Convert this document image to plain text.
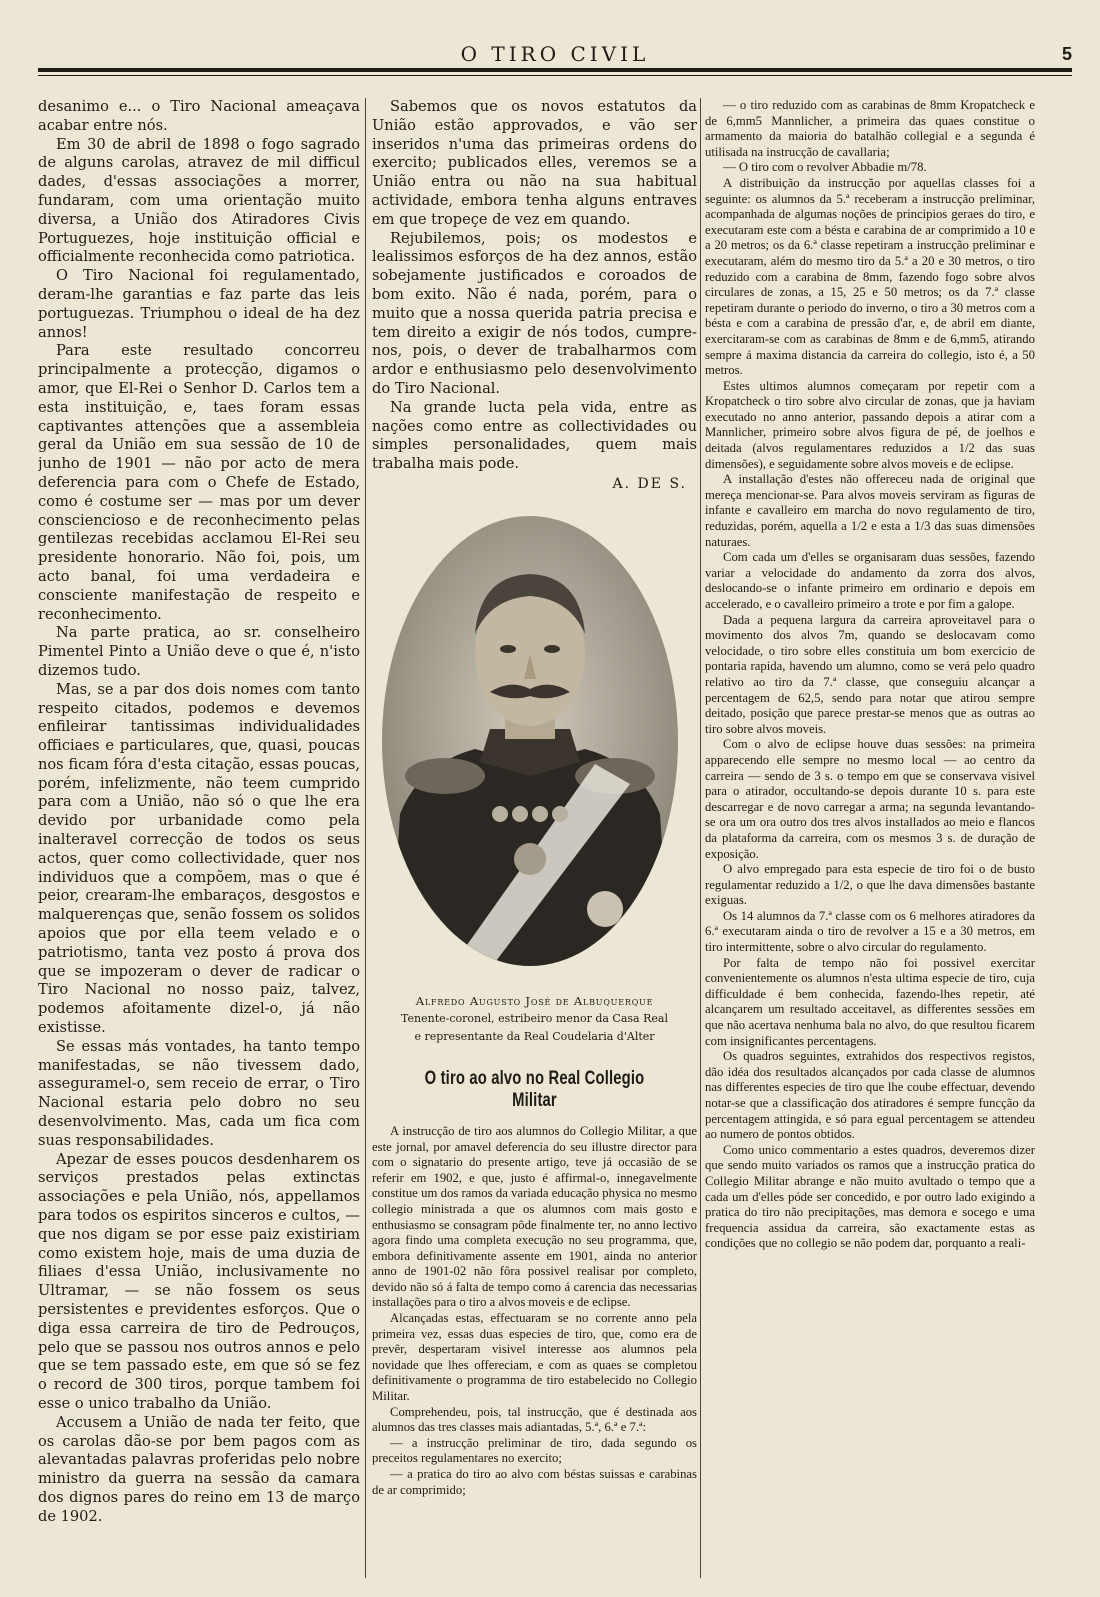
O TIRO CIVIL	5

desanimo e... o Tiro Nacional ameaçava acabar entre nós.

Em 30 de abril de 1898 o fogo sagrado de alguns carolas, atravez de mil difficul dades, d'essas associações a morrer, fundaram, com uma orientação muito diversa, a União dos Atiradores Civis Portuguezes, hoje instituição official e officialmente reconhecida como patriotica.

O Tiro Nacional foi regulamentado, deram-lhe garantias e faz parte das leis portuguezas. Triumphou o ideal de ha dez annos!

Para este resultado concorreu principalmente a protecção, digamos o amor, que El-Rei o Senhor D. Carlos tem a esta instituição, e, taes foram essas captivantes attenções que a assembleia geral da União em sua sessão de 10 de junho de 1901 — não por acto de mera deferencia para com o Chefe de Estado, como é costume ser — mas por um dever consciencioso e de reconhecimento pelas gentilezas recebidas acclamou El-Rei seu presidente honorario. Não foi, pois, um acto banal, foi uma verdadeira e consciente manifestação de respeito e reconhecimento.

Na parte pratica, ao sr. conselheiro Pimentel Pinto a União deve o que é, n'isto dizemos tudo.

Mas, se a par dos dois nomes com tanto respeito citados, podemos e devemos enfileirar tantissimas individualidades officiaes e particulares, que, quasi, poucas nos ficam fóra d'esta citação, essas poucas, porém, infelizmente, não teem cumprido para com a União, não só o que lhe era devido por urbanidade como pela inalteravel correcção de todos os seus actos, quer como collectividade, quer nos individuos que a compõem, mas o que é peior, crearam-lhe embaraços, desgostos e malquerenças que, senão fossem os solidos apoios que por ella teem velado e o patriotismo, tanta vez posto á prova dos que se impozeram o dever de radicar o Tiro Nacional no nosso paiz, talvez, podemos afoitamente dizel-o, já não existisse.

Se essas más vontades, ha tanto tempo manifestadas, se não tivessem dado, asseguramel-o, sem receio de errar, o Tiro Nacional estaria pelo dobro no seu desenvolvimento. Mas, cada um fica com suas responsabilidades.

Apezar de esses poucos desdenharem os serviços prestados pelas extinctas associações e pela União, nós, appellamos para todos os espiritos sinceros e cultos, — que nos digam se por esse paiz existiriam como existem hoje, mais de uma duzia de filiaes d'essa União, inclusivamente no Ultramar, — se não fossem os seus persistentes e previdentes esforços. Que o diga essa carreira de tiro de Pedrouços, pelo que se passou nos outros annos e pelo que se tem passado este, em que só se fez o record de 300 tiros, porque tambem foi esse o unico trabalho da União.

Accusem a União de nada ter feito, que os carolas dão-se por bem pagos com as alevantadas palavras proferidas pelo nobre ministro da guerra na sessão da camara dos dignos pares do reino em 13 de março de 1902.

Sabemos que os novos estatutos da União estão approvados, e vão ser inseridos n'uma das primeiras ordens do exercito; publicados elles, veremos se a União entra ou não na sua habitual actividade, embora tenha alguns entraves em que tropeçe de vez em quando.

Rejubilemos, pois; os modestos e lealissimos esforços de ha dez annos, estão sobejamente justificados e coroados de bom exito. Não é nada, porém, para o muito que a nossa querida patria precisa e tem direito a exigir de nós todos, cumpre-nos, pois, o dever de trabalharmos com ardor e enthusiasmo pelo desenvolvimento do Tiro Nacional.

Na grande lucta pela vida, entre as nações como entre as collectividades ou simples personalidades, quem mais trabalha mais pode.

A. DE S.
Alfredo Augusto José de Albuquerque
Tenente-coronel, estribeiro menor da Casa Real
e representante da Real Coudelaria d'Alter
O tiro ao alvo no Real Collegio Militar

A instrucção de tiro aos alumnos do Collegio Militar, a que este jornal, por amavel deferencia do seu illustre director para com o signatario do presente artigo, teve já occasião de se referir em 1902, e que, justo é affirmal-o, innegavelmente constitue um dos ramos da variada educação physica no mesmo collegio ministrada a que os alumnos com mais gosto e enthusiasmo se consagram pôde finalmente ter, no anno lectivo agora findo uma completa execução no seu programma, que, embora definitivamente assente em 1901, ainda no anterior anno de 1901-02 não fôra possivel realisar por completo, devido não só á falta de tempo como á carencia das necessarias installações para o tiro a alvos moveis e de eclipse.

Alcançadas estas, effectuaram se no corrente anno pela primeira vez, essas duas especies de tiro, que, como era de prevêr, despertaram visivel interesse aos alumnos pela novidade que lhes offereciam, e com as quaes se completou definitivamente o programma de tiro estabelecido no Collegio Militar.

Comprehendeu, pois, tal instrucção, que é destinada aos alumnos das tres classes mais adiantadas, 5.ª, 6.ª e 7.ª:

— a instrucção preliminar de tiro, dada segundo os preceitos regulamentares no exercito;

— a pratica do tiro ao alvo com béstas suissas e carabinas de ar comprimido;

— o tiro reduzido com as carabinas de 8mm Kropatcheck e de 6,mm5 Mannlicher, a primeira das quaes constitue o armamento da maioria do batalhão collegial e a segunda é utilisada na instrucção de cavallaria;

— O tiro com o revolver Abbadie m/78.

A distribuição da instrucção por aquellas classes foi a seguinte: os alumnos da 5.ª receberam a instrucção preliminar, acompanhada de algumas noções de principios geraes do tiro, e executaram este com a bésta e carabina de ar comprimido a 10 e a 20 metros; os da 6.ª classe repetiram a instrucção preliminar e executaram, além do mesmo tiro da 5.ª a 20 e 30 metros, o tiro reduzido com a carabina de 8mm, fazendo fogo sobre alvos circulares de zonas, a 15, 25 e 50 metros; os da 7.ª classe repetiram durante o periodo do inverno, o tiro a 30 metros com a bésta e com a carabina de pressão d'ar, e, de abril em diante, exercitaram-se com as carabinas de 8mm e de 6,mm5, atirando sempre á maxima distancia da carreira do collegio, isto é, a 50 metros.

Estes ultimos alumnos começaram por repetir com a Kropatcheck o tiro sobre alvo circular de zonas, que ja haviam executado no anno anterior, passando depois a atirar com a Mannlicher, primeiro sobre alvos figura de pé, de joelhos e deitada (alvos regulamentares reduzidos a 1/2 das suas dimensões), e seguidamente sobre alvos moveis e de eclipse.

A installação d'estes não offereceu nada de original que mereça mencionar-se. Para alvos moveis serviram as figuras de infante e cavalleiro em marcha do novo regulamento de tiro, reduzidas, porém, aquella a 1/2 e esta a 1/3 das suas dimensões naturaes.

Com cada um d'elles se organisaram duas sessões, fazendo variar a velocidade do andamento da zorra dos alvos, deslocando-se o infante primeiro em ordinario e depois em accelerado, e o cavalleiro primeiro a trote e por fim a galope.

Dada a pequena largura da carreira aproveitavel para o movimento dos alvos 7m, quando se deslocavam como velocidade, o tiro sobre elles constituia um bom exercicio de pontaria rapida, havendo um alumno, como se verá pelo quadro relativo ao tiro da 7.ª classe, que conseguiu alcançar a percentagem de 62,5, sendo para notar que atirou sempre deitado, posição que parece prestar-se menos que as outras ao tiro sobre alvos moveis.

Com o alvo de eclipse houve duas sessões: na primeira apparecendo elle sempre no mesmo local — ao centro da carreira — sendo de 3 s. o tempo em que se conservava visivel para o atirador, occultando-se depois durante 10 s. para este descarregar e de novo carregar a arma; na segunda levantando-se ora um ora outro dos tres alvos installados ao meio e flancos da plataforma da carreira, com os mesmos 3 s. de duração de exposição.

O alvo empregado para esta especie de tiro foi o de busto regulamentar reduzido a 1/2, o que lhe dava dimensões bastante exiguas.

Os 14 alumnos da 7.ª classe com os 6 melhores atiradores da 6.ª executaram ainda o tiro de revolver a 15 e a 30 metros, em tiro intermittente, sobre o alvo circular do regulamento.

Por falta de tempo não foi possivel exercitar convenientemente os alumnos n'esta ultima especie de tiro, cuja difficuldade é bem conhecida, fazendo-lhes repetir, até alcançarem um resultado acceitavel, as differentes sessões em que não acertava nenhuma bala no alvo, do que resultou ficarem com insignificantes percentagens.

Os quadros seguintes, extrahidos dos respectivos registos, dão idéa dos resultados alcançados por cada classe de alumnos nas differentes especies de tiro que lhe coube effectuar, devendo notar-se que a classificação dos atiradores é sempre funcção da percentagem attingida, e só para egual percentagem se attendeu ao numero de pontos obtidos.

Como unico commentario a estes quadros, deveremos dizer que sendo muito variados os ramos que a instrucção pratica do Collegio Militar abrange e não muito avultado o tempo que a cada um d'elles póde ser concedido, e por outro lado exigindo a pratica do tiro não precipitações, mas demora e socego e uma frequencia assidua da carreira, são exactamente estas as condições que no collegio se não podem dar, porquanto a reali-
